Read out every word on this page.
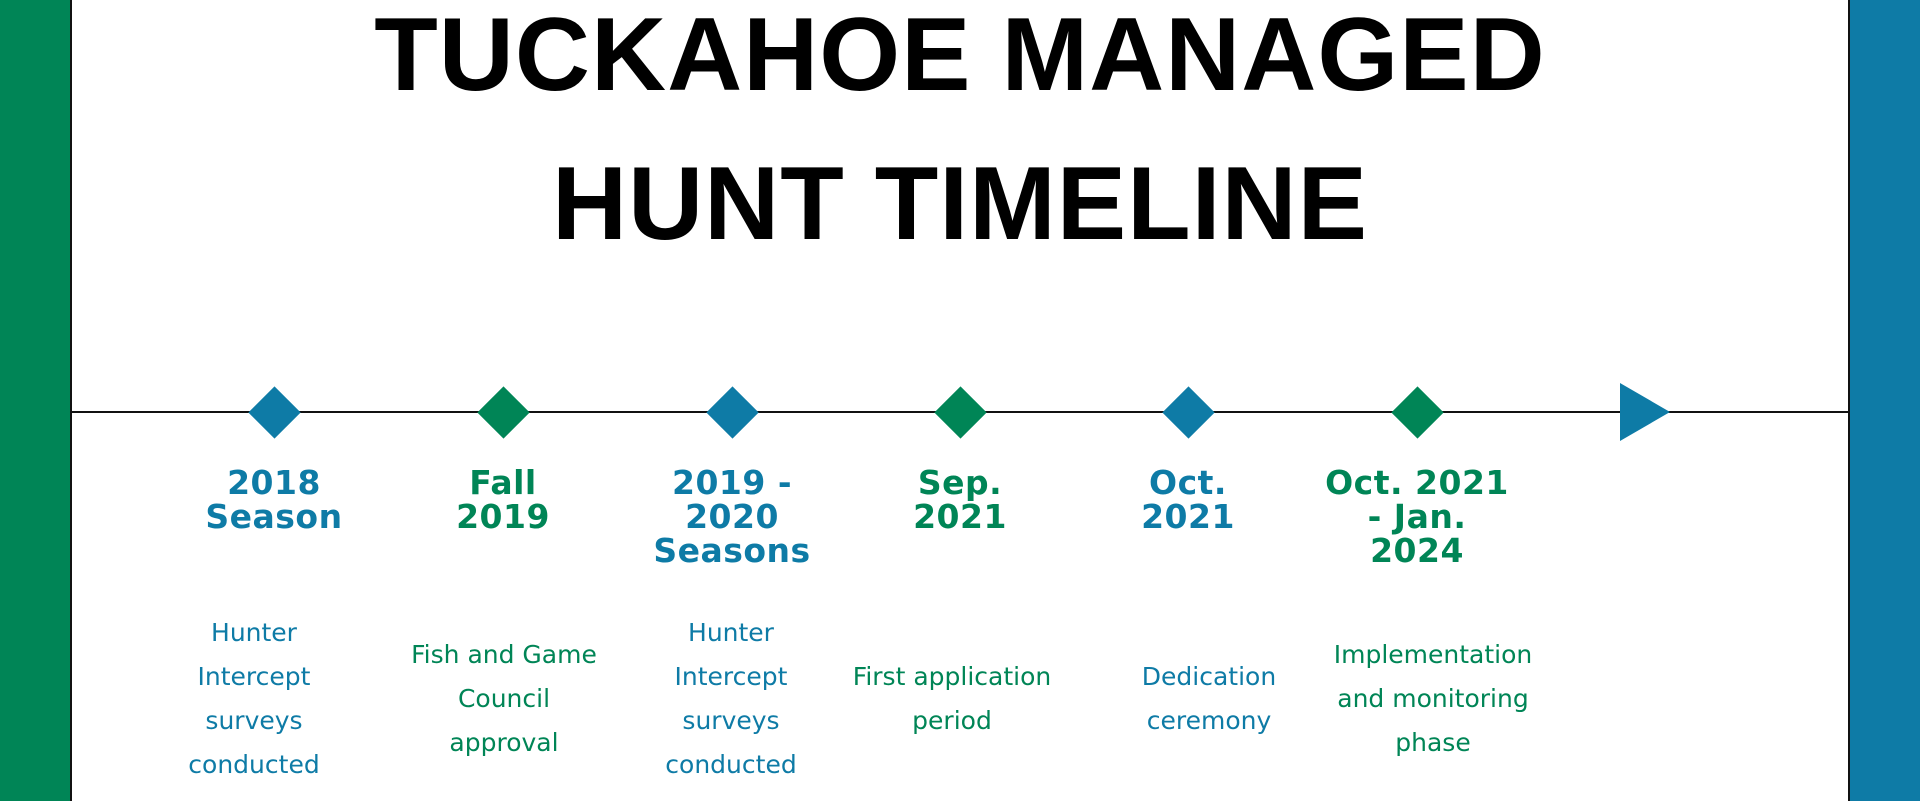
TUCKAHOE MANAGED
HUNT TIMELINE
2018
Season
Hunter
Intercept
surveys
conducted
Fall
2019
Fish and Game
Council
approval
2019 -
2020
Seasons
Hunter
Intercept
surveys
conducted
Sep.
2021
First application
period
Oct.
2021
Dedication
ceremony
Oct. 2021
- Jan.
2024
Implementation
and monitoring
phase
